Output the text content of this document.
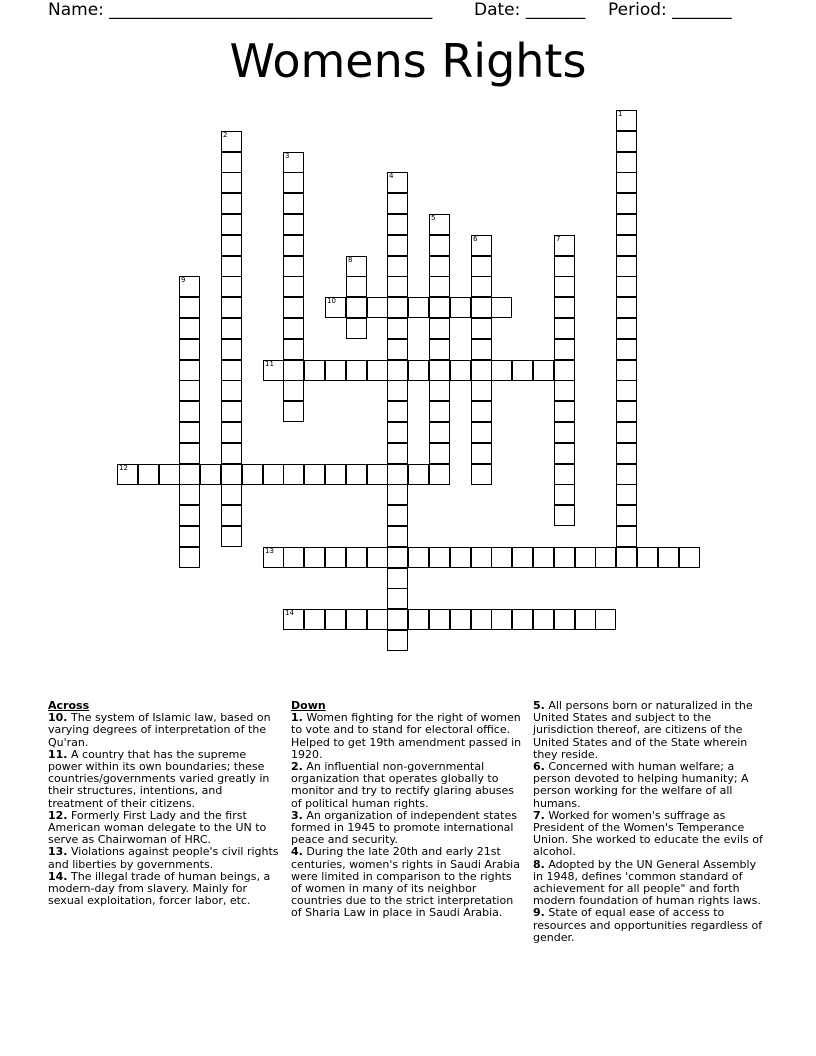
Name: ______________________________________

Date: _______

Period: _______

Womens Rights
1
2
3
4
5
6	7
8
9
10
11
12
13
14
Across
10. The system of Islamic law, based on varying degrees of interpretation of the Qu'ran.
11. A country that has the supreme power within its own boundaries; these countries/governments varied greatly in their structures, intentions, and treatment of their citizens.
12. Formerly First Lady and the first American woman delegate to the UN to serve as Chairwoman of HRC.
13. Violations against people's civil rights and liberties by governments.
14. The illegal trade of human beings, a modern-day from slavery. Mainly for sexual exploitation, forcer labor, etc.
Down
1. Women fighting for the right of women to vote and to stand for electoral office. Helped to get 19th amendment passed in 1920.
2. An influential non-governmental organization that operates globally to monitor and try to rectify glaring abuses of political human rights.
3. An organization of independent states formed in 1945 to promote international peace and security.
4. During the late 20th and early 21st centuries, women's rights in Saudi Arabia were limited in comparison to the rights of women in many of its neighbor countries due to the strict interpretation of Sharia Law in place in Saudi Arabia.
5. All persons born or naturalized in the United States and subject to the jurisdiction thereof, are citizens of the United States and of the State wherein they reside.
6. Concerned with human welfare; a person devoted to helping humanity; A person working for the welfare of all humans.
7. Worked for women's suffrage as President of the Women's Temperance Union. She worked to educate the evils of alcohol.
8. Adopted by the UN General Assembly in 1948, defines 'common standard of achievement for all people" and forth modern foundation of human rights laws.
9. State of equal ease of access to resources and opportunities regardless of gender.
